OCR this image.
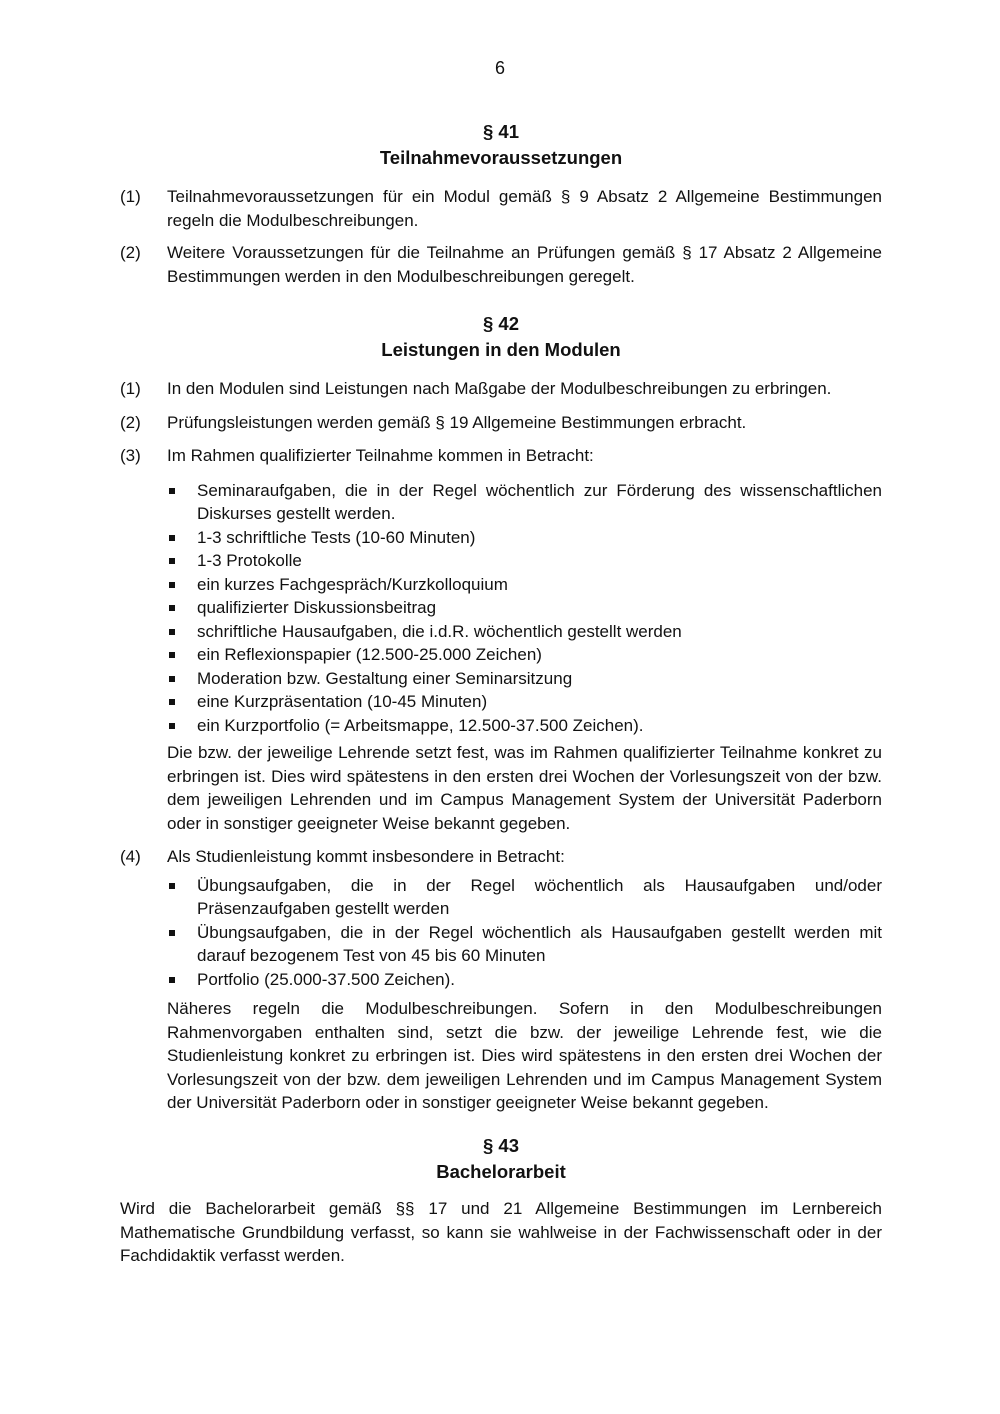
6
§ 41
Teilnahmevoraussetzungen
(1)	Teilnahmevoraussetzungen für ein Modul gemäß § 9 Absatz 2 Allgemeine Bestimmungen regeln die Modulbeschreibungen.
(2)	Weitere Voraussetzungen für die Teilnahme an Prüfungen gemäß § 17 Absatz 2 Allgemeine Bestimmungen werden in den Modulbeschreibungen geregelt.
§ 42
Leistungen in den Modulen
(1)	In den Modulen sind Leistungen nach Maßgabe der Modulbeschreibungen zu erbringen.
(2)	Prüfungsleistungen werden gemäß § 19 Allgemeine Bestimmungen erbracht.
(3)	Im Rahmen qualifizierter Teilnahme kommen in Betracht:
Seminaraufgaben, die in der Regel wöchentlich zur Förderung des wissenschaftlichen Diskurses gestellt werden.
1-3 schriftliche Tests (10-60 Minuten)
1-3 Protokolle
ein kurzes Fachgespräch/Kurzkolloquium
qualifizierter Diskussionsbeitrag
schriftliche Hausaufgaben, die i.d.R. wöchentlich gestellt werden
ein Reflexionspapier (12.500-25.000 Zeichen)
Moderation bzw. Gestaltung einer Seminarsitzung
eine Kurzpräsentation (10-45 Minuten)
ein Kurzportfolio (= Arbeitsmappe, 12.500-37.500 Zeichen).
Die bzw. der jeweilige Lehrende setzt fest, was im Rahmen qualifizierter Teilnahme konkret zu erbringen ist. Dies wird spätestens in den ersten drei Wochen der Vorlesungszeit von der bzw. dem jeweiligen Lehrenden und im Campus Management System der Universität Paderborn oder in sonstiger geeigneter Weise bekannt gegeben.
(4)	Als Studienleistung kommt insbesondere in Betracht:
Übungsaufgaben, die in der Regel wöchentlich als Hausaufgaben und/oder Präsenzaufgaben gestellt werden
Übungsaufgaben, die in der Regel wöchentlich als Hausaufgaben gestellt werden mit darauf bezogenem Test von 45 bis 60 Minuten
Portfolio (25.000-37.500 Zeichen).
Näheres regeln die Modulbeschreibungen. Sofern in den Modulbeschreibungen Rahmenvorgaben enthalten sind, setzt die bzw. der jeweilige Lehrende fest, wie die Studienleistung konkret zu erbringen ist. Dies wird spätestens in den ersten drei Wochen der Vorlesungszeit von der bzw. dem jeweiligen Lehrenden und im Campus Management System der Universität Paderborn oder in sonstiger geeigneter Weise bekannt gegeben.
§ 43
Bachelorarbeit
Wird die Bachelorarbeit gemäß §§ 17 und 21 Allgemeine Bestimmungen im Lernbereich Mathematische Grundbildung verfasst, so kann sie wahlweise in der Fachwissenschaft oder in der Fachdidaktik verfasst werden.
